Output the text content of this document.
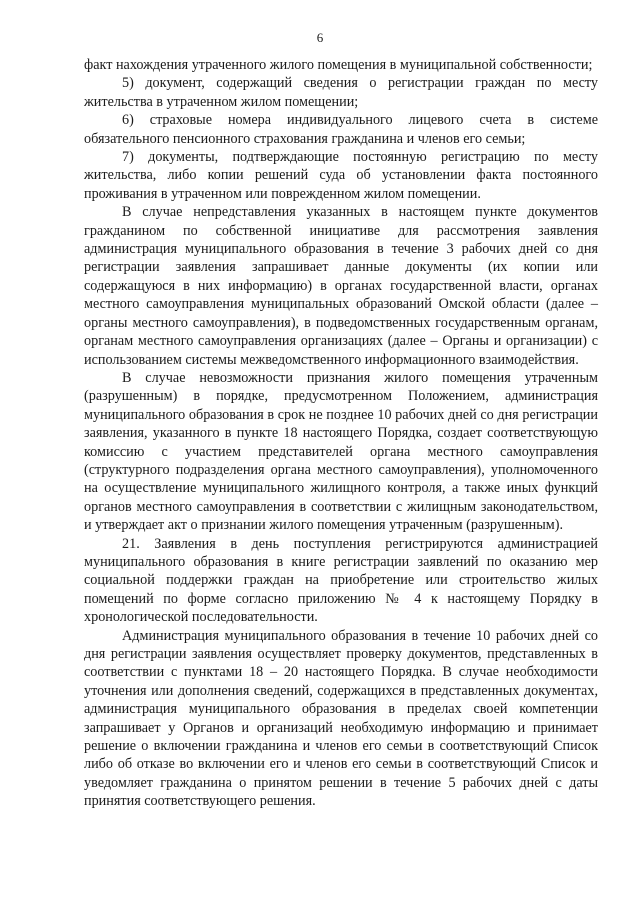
6

факт нахождения утраченного жилого помещения в муниципальной собственности;

5) документ, содержащий сведения о регистрации граждан по месту жительства в утраченном жилом помещении;

6) страховые номера индивидуального лицевого счета в системе обязательного пенсионного страхования гражданина и членов его семьи;

7) документы, подтверждающие постоянную регистрацию по месту жительства, либо копии решений суда об установлении факта постоянного проживания в утраченном или поврежденном жилом помещении.

В случае непредставления указанных в настоящем пункте документов гражданином по собственной инициативе для рассмотрения заявления администрация муниципального образования в течение 3 рабочих дней со дня регистрации заявления запрашивает данные документы (их копии или содержащуюся в них информацию) в органах государственной власти, органах местного самоуправления муниципальных образований Омской области (далее – органы местного самоуправления), в подведомственных государственным органам, органам местного самоуправления организациях (далее – Органы и организации) с использованием системы межведомственного информационного взаимодействия.

В случае невозможности признания жилого помещения утраченным (разрушенным) в порядке, предусмотренном Положением, администрация муниципального образования в срок не позднее 10 рабочих дней со дня регистрации заявления, указанного в пункте 18 настоящего Порядка, создает соответствующую комиссию с участием представителей органа местного самоуправления (структурного подразделения органа местного самоуправления), уполномоченного на осуществление муниципального жилищного контроля, а также иных функций органов местного самоуправления в соответствии с жилищным законодательством, и утверждает акт о признании жилого помещения утраченным (разрушенным).

21. Заявления в день поступления регистрируются администрацией муниципального образования в книге регистрации заявлений по оказанию мер социальной поддержки граждан на приобретение или строительство жилых помещений по форме согласно приложению № 4 к настоящему Порядку в хронологической последовательности.

Администрация муниципального образования в течение 10 рабочих дней со дня регистрации заявления осуществляет проверку документов, представленных в соответствии с пунктами 18 – 20 настоящего Порядка. В случае необходимости уточнения или дополнения сведений, содержащихся в представленных документах, администрация муниципального образования в пределах своей компетенции запрашивает у Органов и организаций необходимую информацию и принимает решение о включении гражданина и членов его семьи в соответствующий Список либо об отказе во включении его и членов его семьи в соответствующий Список и уведомляет гражданина о принятом решении в течение 5 рабочих дней с даты принятия соответствующего решения.
